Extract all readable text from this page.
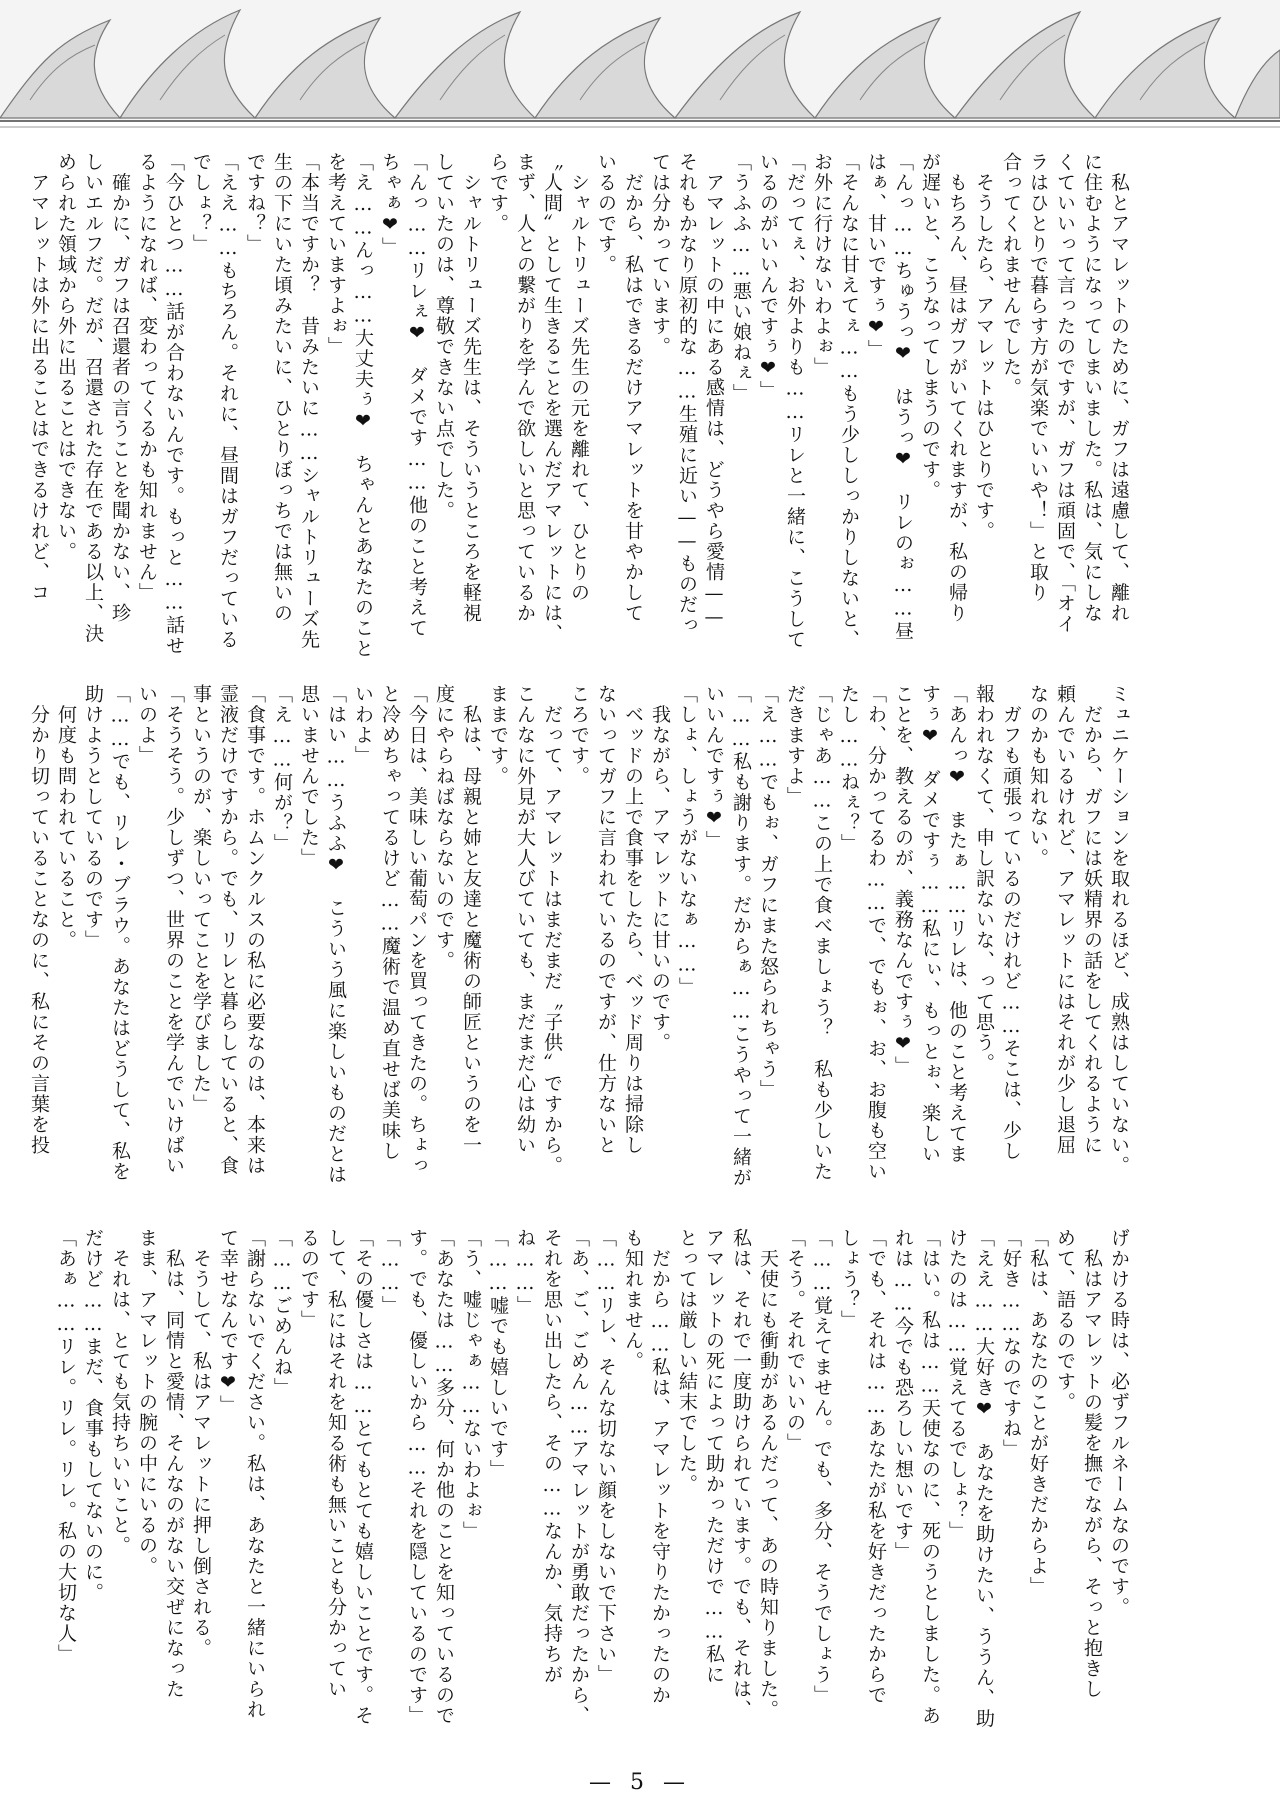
　私とアマレットのために、ガフは遠慮して、離れ
に住むようになってしまいました。私は、気にしな
くていいって言ったのですが、ガフは頑固で、「オイ
ラはひとりで暮らす方が気楽でいいや！」と取り
合ってくれませんでした。
　そうしたら、アマレットはひとりです。
　もちろん、昼はガフがいてくれますが、私の帰り
が遅いと、こうなってしまうのです。
「んっ……ちゅうっ❤　はうっ❤　リレのぉ……昼
はぁ、甘いですぅ❤」
「そんなに甘えてぇ……もう少ししっかりしないと、
お外に行けないわよぉ」
「だってぇ、お外よりも……リレと一緒に、こうして
いるのがいいんですぅ❤」
「うふふ……悪い娘ねぇ」
　アマレットの中にある感情は、どうやら愛情——
それもかなり原初的な……生殖に近い——ものだっ
ては分かっています。
　だから、私はできるだけアマレットを甘やかして
いるのです。
　シャルトリューズ先生の元を離れて、ひとりの
〝人間〟として生きることを選んだアマレットには、
まず、人との繋がりを学んで欲しいと思っているか
らです。
　シャルトリューズ先生は、そういうところを軽視
していたのは、尊敬できない点でした。
「んっ……リレぇ❤　ダメです……他のこと考えて
ちゃぁ❤」
「え……んっ……大丈夫ぅ❤　ちゃんとあなたのこと
を考えていますよぉ」
「本当ですか？　昔みたいに……シャルトリューズ先
生の下にいた頃みたいに、ひとりぼっちでは無いの
ですね？」
「ええ……もちろん。それに、昼間はガフだっている
でしょ？」
「今ひとつ……話が合わないんです。もっと……話せ
るようになれば、変わってくるかも知れません」
　確かに、ガフは召還者の言うことを聞かない、珍
しいエルフだ。だが、召還された存在である以上、決
められた領域から外に出ることはできない。
　アマレットは外に出ることはできるけれど、コ
ミュニケーションを取れるほど、成熟はしていない。
　だから、ガフには妖精界の話をしてくれるように
頼んでいるけれど、アマレットにはそれが少し退屈
なのかも知れない。
　ガフも頑張っているのだけれど……そこは、少し
報われなくて、申し訳ないな、って思う。
「あんっ❤　またぁ……リレは、他のこと考えてま
すぅ❤　ダメですぅ……私にぃ、もっとぉ、楽しい
ことを、教えるのが、義務なんですぅ❤」
「わ、分かってるわ……で、でもぉ、お、お腹も空い
たし……ねぇ？」
「じゃあ……この上で食べましょう？　私も少しいた
だきますよ」
「え……でもぉ、ガフにまた怒られちゃう」
「……私も謝ります。だからぁ……こうやって一緒が
いいんですぅ❤」
「しょ、しょうがないなぁ……」
　我ながら、アマレットに甘いのです。
　ベッドの上で食事をしたら、ベッド周りは掃除し
ないってガフに言われているのですが、仕方ないと
ころです。
　だって、アマレットはまだまだ〝子供〟ですから。
こんなに外見が大人びていても、まだまだ心は幼い
ままです。
　私は、母親と姉と友達と魔術の師匠というのを一
度にやらねばならないのです。
「今日は、美味しい葡萄パンを買ってきたの。ちょっ
と冷めちゃってるけど……魔術で温め直せば美味し
いわよ」
「はい……うふふ❤　こういう風に楽しいものだとは
思いませんでした」
「え……何が？」
「食事です。ホムンクルスの私に必要なのは、本来は
霊液だけですから。でも、リレと暮らしていると、食
事というのが、楽しいってことを学びました」
「そうそう。少しずつ、世界のことを学んでいけばい
いのよ」
「……でも、リレ・ブラウ。あなたはどうして、私を
助けようとしているのです」
　何度も問われていること。
　分かり切っていることなのに、私にその言葉を投
げかける時は、必ずフルネームなのです。
　私はアマレットの髪を撫でながら、そっと抱きし
めて、語るのです。
「私は、あなたのことが好きだからよ」
「好き……なのですね」
「ええ……大好き❤　あなたを助けたい、ううん、助
けたのは……覚えてるでしょ？」
「はい。私は……天使なのに、死のうとしました。あ
れは……今でも恐ろしい想いです」
「でも、それは……あなたが私を好きだったからで
しょう？」
「……覚えてません。でも、多分、そうでしょう」
「そう。それでいいの」
　天使にも衝動があるんだって、あの時知りました。
私は、それで一度助けられています。でも、それは、
アマレットの死によって助かっただけで……私に
とっては厳しい結末でした。
　だから……私は、アマレットを守りたかったのか
も知れません。
「……リレ、そんな切ない顔をしないで下さい」
「あ、ご、ごめん……アマレットが勇敢だったから、
それを思い出したら、その……なんか、気持ちが
ね……」
「……嘘でも嬉しいです」
「う、嘘じゃぁ……ないわよぉ」
「あなたは……多分、何か他のことを知っているので
す。でも、優しいから……それを隠しているのです」
「……」
「その優しさは……とてもとても嬉しいことです。そ
して、私にはそれを知る術も無いことも分かってい
るのです」
「……ごめんね」
「謝らないでください。私は、あなたと一緒にいられ
て幸せなんです❤」
　そうして、私はアマレットに押し倒される。
　私は、同情と愛情、そんなのがない交ぜになった
まま、アマレットの腕の中にいるの。
　それは、とても気持ちいいこと。
だけど……まだ、食事もしてないのに。
「あぁ……リレ。リレ。リレ。私の大切な人」
— 5 —
